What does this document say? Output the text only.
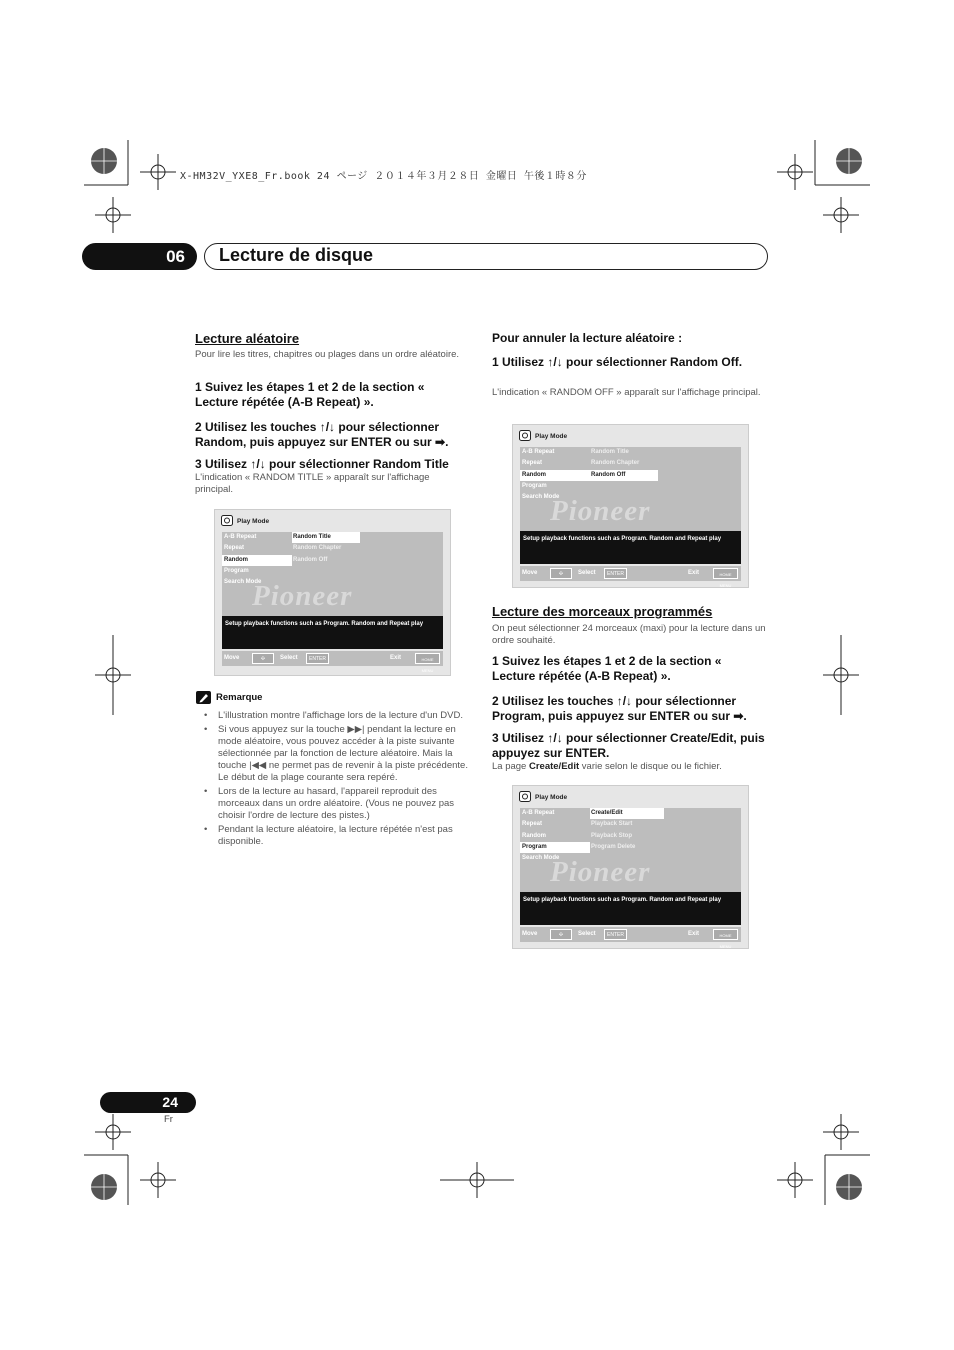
X-HM32V_YXE8_Fr.book 24 ページ ２０１４年３月２８日 金曜日 午後１時８分
06	Lecture de disque
Lecture aléatoire

Pour lire les titres, chapitres ou plages dans un ordre aléatoire.

1 Suivez les étapes 1 et 2 de la section « Lecture répétée (A-B Repeat) ».

2 Utilisez les touches ↑/↓ pour sélectionner Random, puis appuyez sur ENTER ou sur ➡.

3 Utilisez ↑/↓ pour sélectionner Random Title

L'indication « RANDOM TITLE » apparaît sur l'affichage principal.

Play Mode
Pioneer
A-B Repeat
Repeat
Random
Program
Search Mode
Random Title
Random Chapter
Random Off
Setup playback functions such as Program. Random and Repeat play
Move	✣	Select	ENTER	Exit	HOME MENU
Remarque
• L'illustration montre l'affichage lors de la lecture d'un DVD.
• Si vous appuyez sur la touche ▶▶| pendant la lecture en mode aléatoire, vous pouvez accéder à la piste suivante sélectionnée par la fonction de lecture aléatoire. Mais la touche |◀◀ ne permet pas de revenir à la piste précédente. Le début de la plage courante sera repéré.
• Lors de la lecture au hasard, l'appareil reproduit des morceaux dans un ordre aléatoire. (Vous ne pouvez pas choisir l'ordre de lecture des pistes.)
• Pendant la lecture aléatoire, la lecture répétée n'est pas disponible.

Pour annuler la lecture aléatoire :

1 Utilisez ↑/↓ pour sélectionner Random Off.

L'indication « RANDOM OFF » apparaît sur l'affichage principal.

Play Mode
Pioneer
A-B Repeat
Repeat
Random
Program
Search Mode
Random Title
Random Chapter
Random Off
Setup playback functions such as Program. Random and Repeat play
Move	✣	Select	ENTER	Exit	HOME MENU
Lecture des morceaux programmés

On peut sélectionner 24 morceaux (maxi) pour la lecture dans un ordre souhaité.

1 Suivez les étapes 1 et 2 de la section « Lecture répétée (A-B Repeat) ».

2 Utilisez les touches ↑/↓ pour sélectionner Program, puis appuyez sur ENTER ou sur ➡.

3 Utilisez ↑/↓ pour sélectionner Create/Edit, puis appuyez sur ENTER.

La page Create/Edit varie selon le disque ou le fichier.

Play Mode
Pioneer
A-B Repeat
Repeat
Random
Program
Search Mode
Create/Edit
Playback Start
Playback Stop
Program Delete
Setup playback functions such as Program. Random and Repeat play
Move	✣	Select	ENTER	Exit	HOME MENU
24
Fr
